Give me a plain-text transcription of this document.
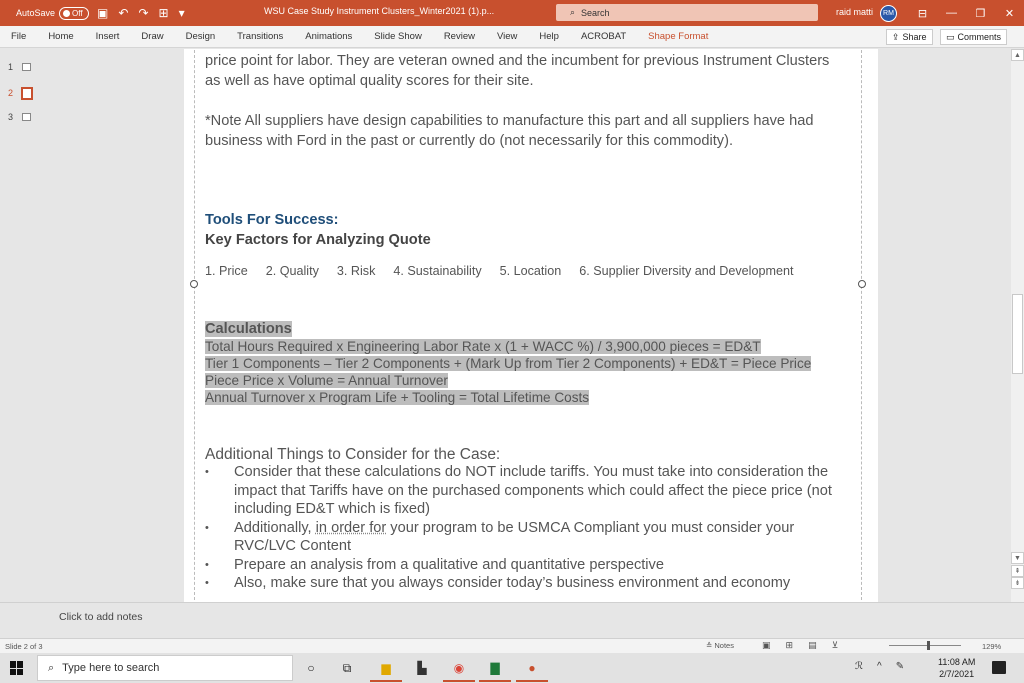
AutoSave Off ▣ ↶ ↷ ⊞ ▾	WSU Case Study Instrument Clusters_Winter2021 (1).p...	⌕ Search	raid matti	RM	⊟	—	❐	✕
File	Home	Insert	Draw	Design	Transitions	Animations	Slide Show	Review	View	Help	ACROBAT	Shape Format	⇪ Share ▭ Comments
1
2
3
price point for labor. They are veteran owned and the incumbent for previous Instrument Clusters as well as have optimal quality scores for their site.
*Note All suppliers have design capabilities to manufacture this part and all suppliers have had business with Ford in the past or currently do (not necessarily for this commodity).
Tools For Success:
Key Factors for Analyzing Quote
1. Price 2. Quality 3. Risk 4. Sustainability 5. Location 6. Supplier Diversity and Development
Calculations
Total Hours Required x Engineering Labor Rate x (1 + WACC %) / 3,900,000 pieces = ED&T
Tier 1 Components – Tier 2 Components + (Mark Up from Tier 2 Components) + ED&T = Piece Price
Piece Price x Volume = Annual Turnover
Annual Turnover x Program Life + Tooling = Total Lifetime Costs
Additional Things to Consider for the Case:
• Consider that these calculations do NOT include tariffs. You must take into consideration the impact that Tariffs have on the purchased components which could affect the piece price (not including ED&T which is fixed)
• Additionally, in order for your program to be USMCA Compliant you must consider your
RVC/LVC Content
• Prepare an analysis from a qualitative and quantitative perspective
• Also, make sure that you always consider today’s business environment and economy
▲
▼
⇞
⇟
Click to add notes
Slide 2 of 3	≙ Notes	▣ ⊞ ▤ ⊻	129%
⌕ Type here to search	○	⧉	▆	▙	◉	▇	●	ℛ ^ ✎	11:08 AM
2/7/2021
